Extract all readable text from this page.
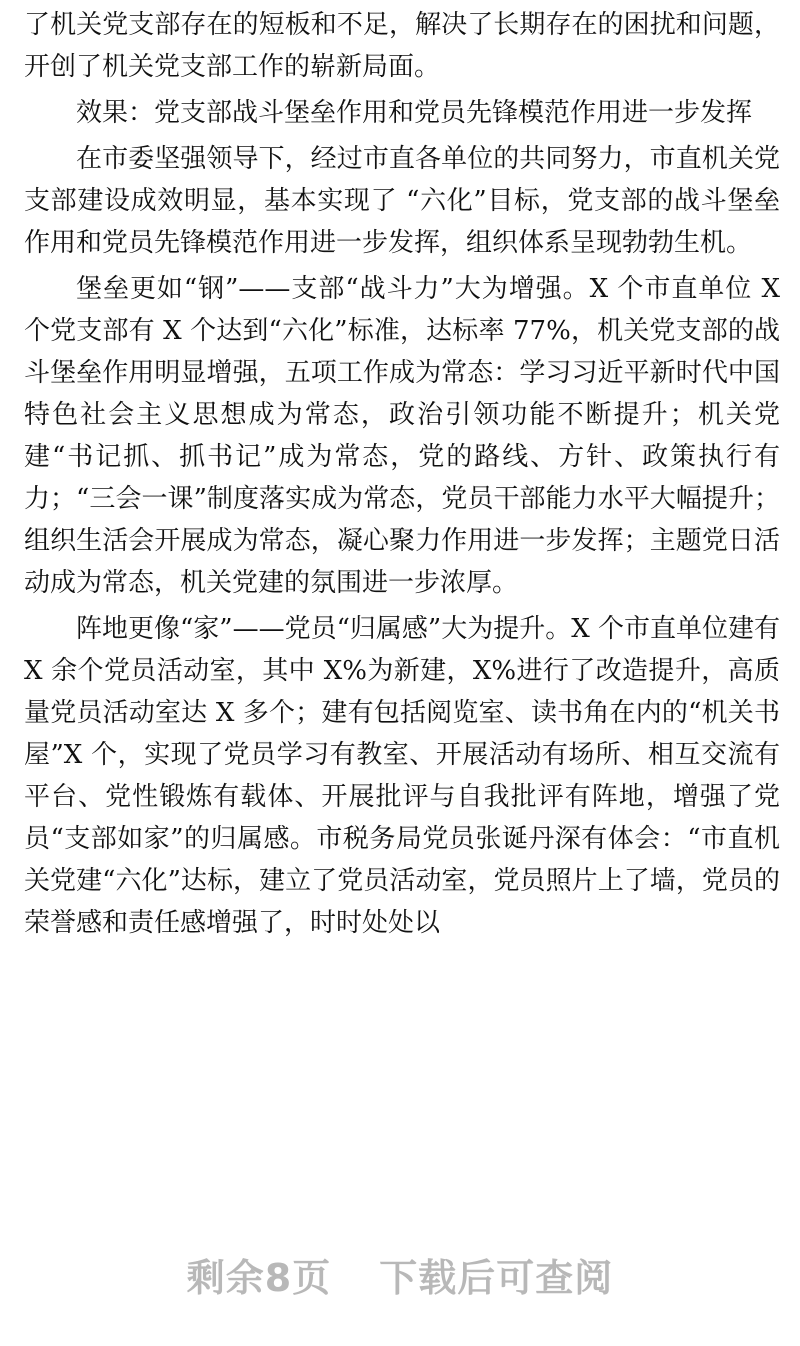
了机关党支部存在的短板和不足，解决了长期存在的困扰和问题，开创了机关党支部工作的崭新局面。

效果：党支部战斗堡垒作用和党员先锋模范作用进一步发挥

在市委坚强领导下，经过市直各单位的共同努力，市直机关党支部建设成效明显，基本实现了 “六化”目标，党支部的战斗堡垒作用和党员先锋模范作用进一步发挥，组织体系呈现勃勃生机。

堡垒更如“钢”——支部“战斗力”大为增强。X 个市直单位 X 个党支部有 X 个达到“六化”标准，达标率 77%，机关党支部的战斗堡垒作用明显增强，五项工作成为常态：学习习近平新时代中国特色社会主义思想成为常态，政治引领功能不断提升；机关党建“书记抓、抓书记”成为常态，党的路线、方针、政策执行有力；“三会一课”制度落实成为常态，党员干部能力水平大幅提升；组织生活会开展成为常态，凝心聚力作用进一步发挥；主题党日活动成为常态，机关党建的氛围进一步浓厚。

阵地更像“家”——党员“归属感”大为提升。X 个市直单位建有 X 余个党员活动室，其中 X%为新建，X%进行了改造提升，高质量党员活动室达 X 多个；建有包括阅览室、读书角在内的“机关书屋”X 个，实现了党员学习有教室、开展活动有场所、相互交流有平台、党性锻炼有载体、开展批评与自我批评有阵地，增强了党员“支部如家”的归属感。市税务局党员张诞丹深有体会：“市直机关党建“六化”达标，建立了党员活动室，党员照片上了墙，党员的荣誉感和责任感增强了，时时处处以

剩余8页 下载后可查阅
